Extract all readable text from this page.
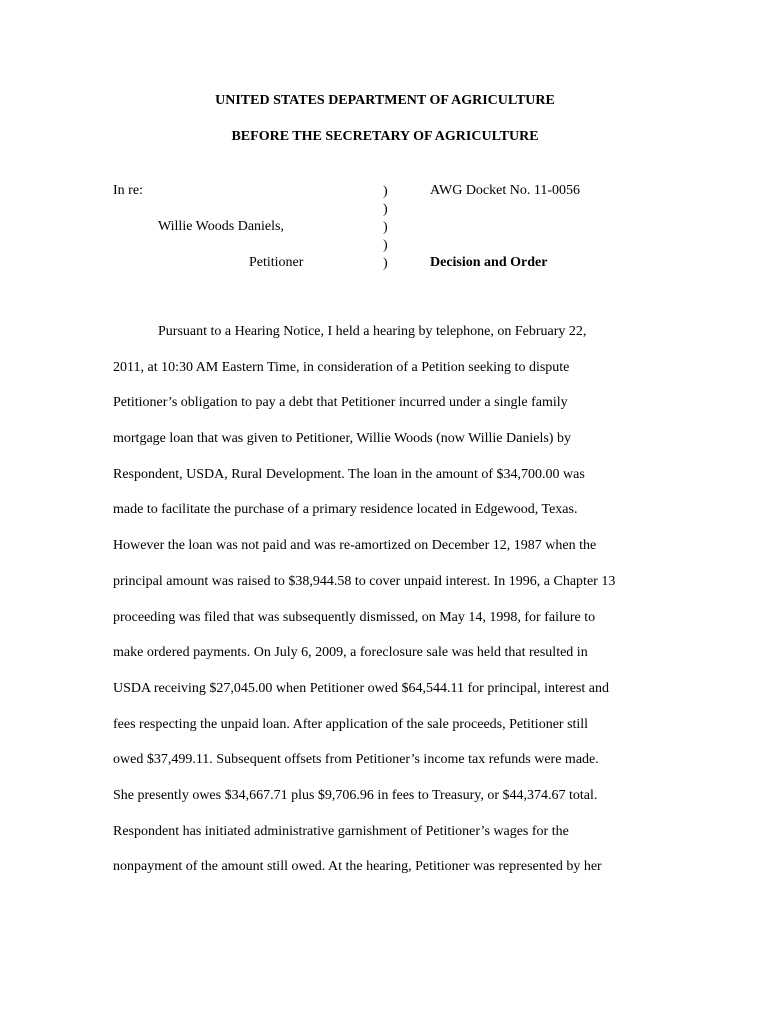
UNITED STATES DEPARTMENT OF AGRICULTURE
BEFORE THE SECRETARY OF AGRICULTURE

In re:

Willie Woods Daniels,

Petitioner

)
)
)
)
)

AWG Docket No. 11-0056

Decision and Order

Pursuant to a Hearing Notice, I held a hearing by telephone, on February 22,
2011, at 10:30 AM Eastern Time, in consideration of a Petition seeking to dispute
Petitioner’s obligation to pay a debt that Petitioner incurred under a single family
mortgage loan that was given to Petitioner, Willie Woods (now Willie Daniels) by
Respondent, USDA, Rural Development. The loan in the amount of $34,700.00 was
made to facilitate the purchase of a primary residence located in Edgewood, Texas.
However the loan was not paid and was re-amortized on December 12, 1987 when the
principal amount was raised to $38,944.58 to cover unpaid interest. In 1996, a Chapter 13
proceeding was filed that was subsequently dismissed, on May 14, 1998, for failure to
make ordered payments. On July 6, 2009, a foreclosure sale was held that resulted in
USDA receiving $27,045.00 when Petitioner owed $64,544.11 for principal, interest and
fees respecting the unpaid loan. After application of the sale proceeds, Petitioner still
owed $37,499.11. Subsequent offsets from Petitioner’s income tax refunds were made.
She presently owes $34,667.71 plus $9,706.96 in fees to Treasury, or $44,374.67 total.
Respondent has initiated administrative garnishment of Petitioner’s wages for the
nonpayment of the amount still owed. At the hearing, Petitioner was represented by her
